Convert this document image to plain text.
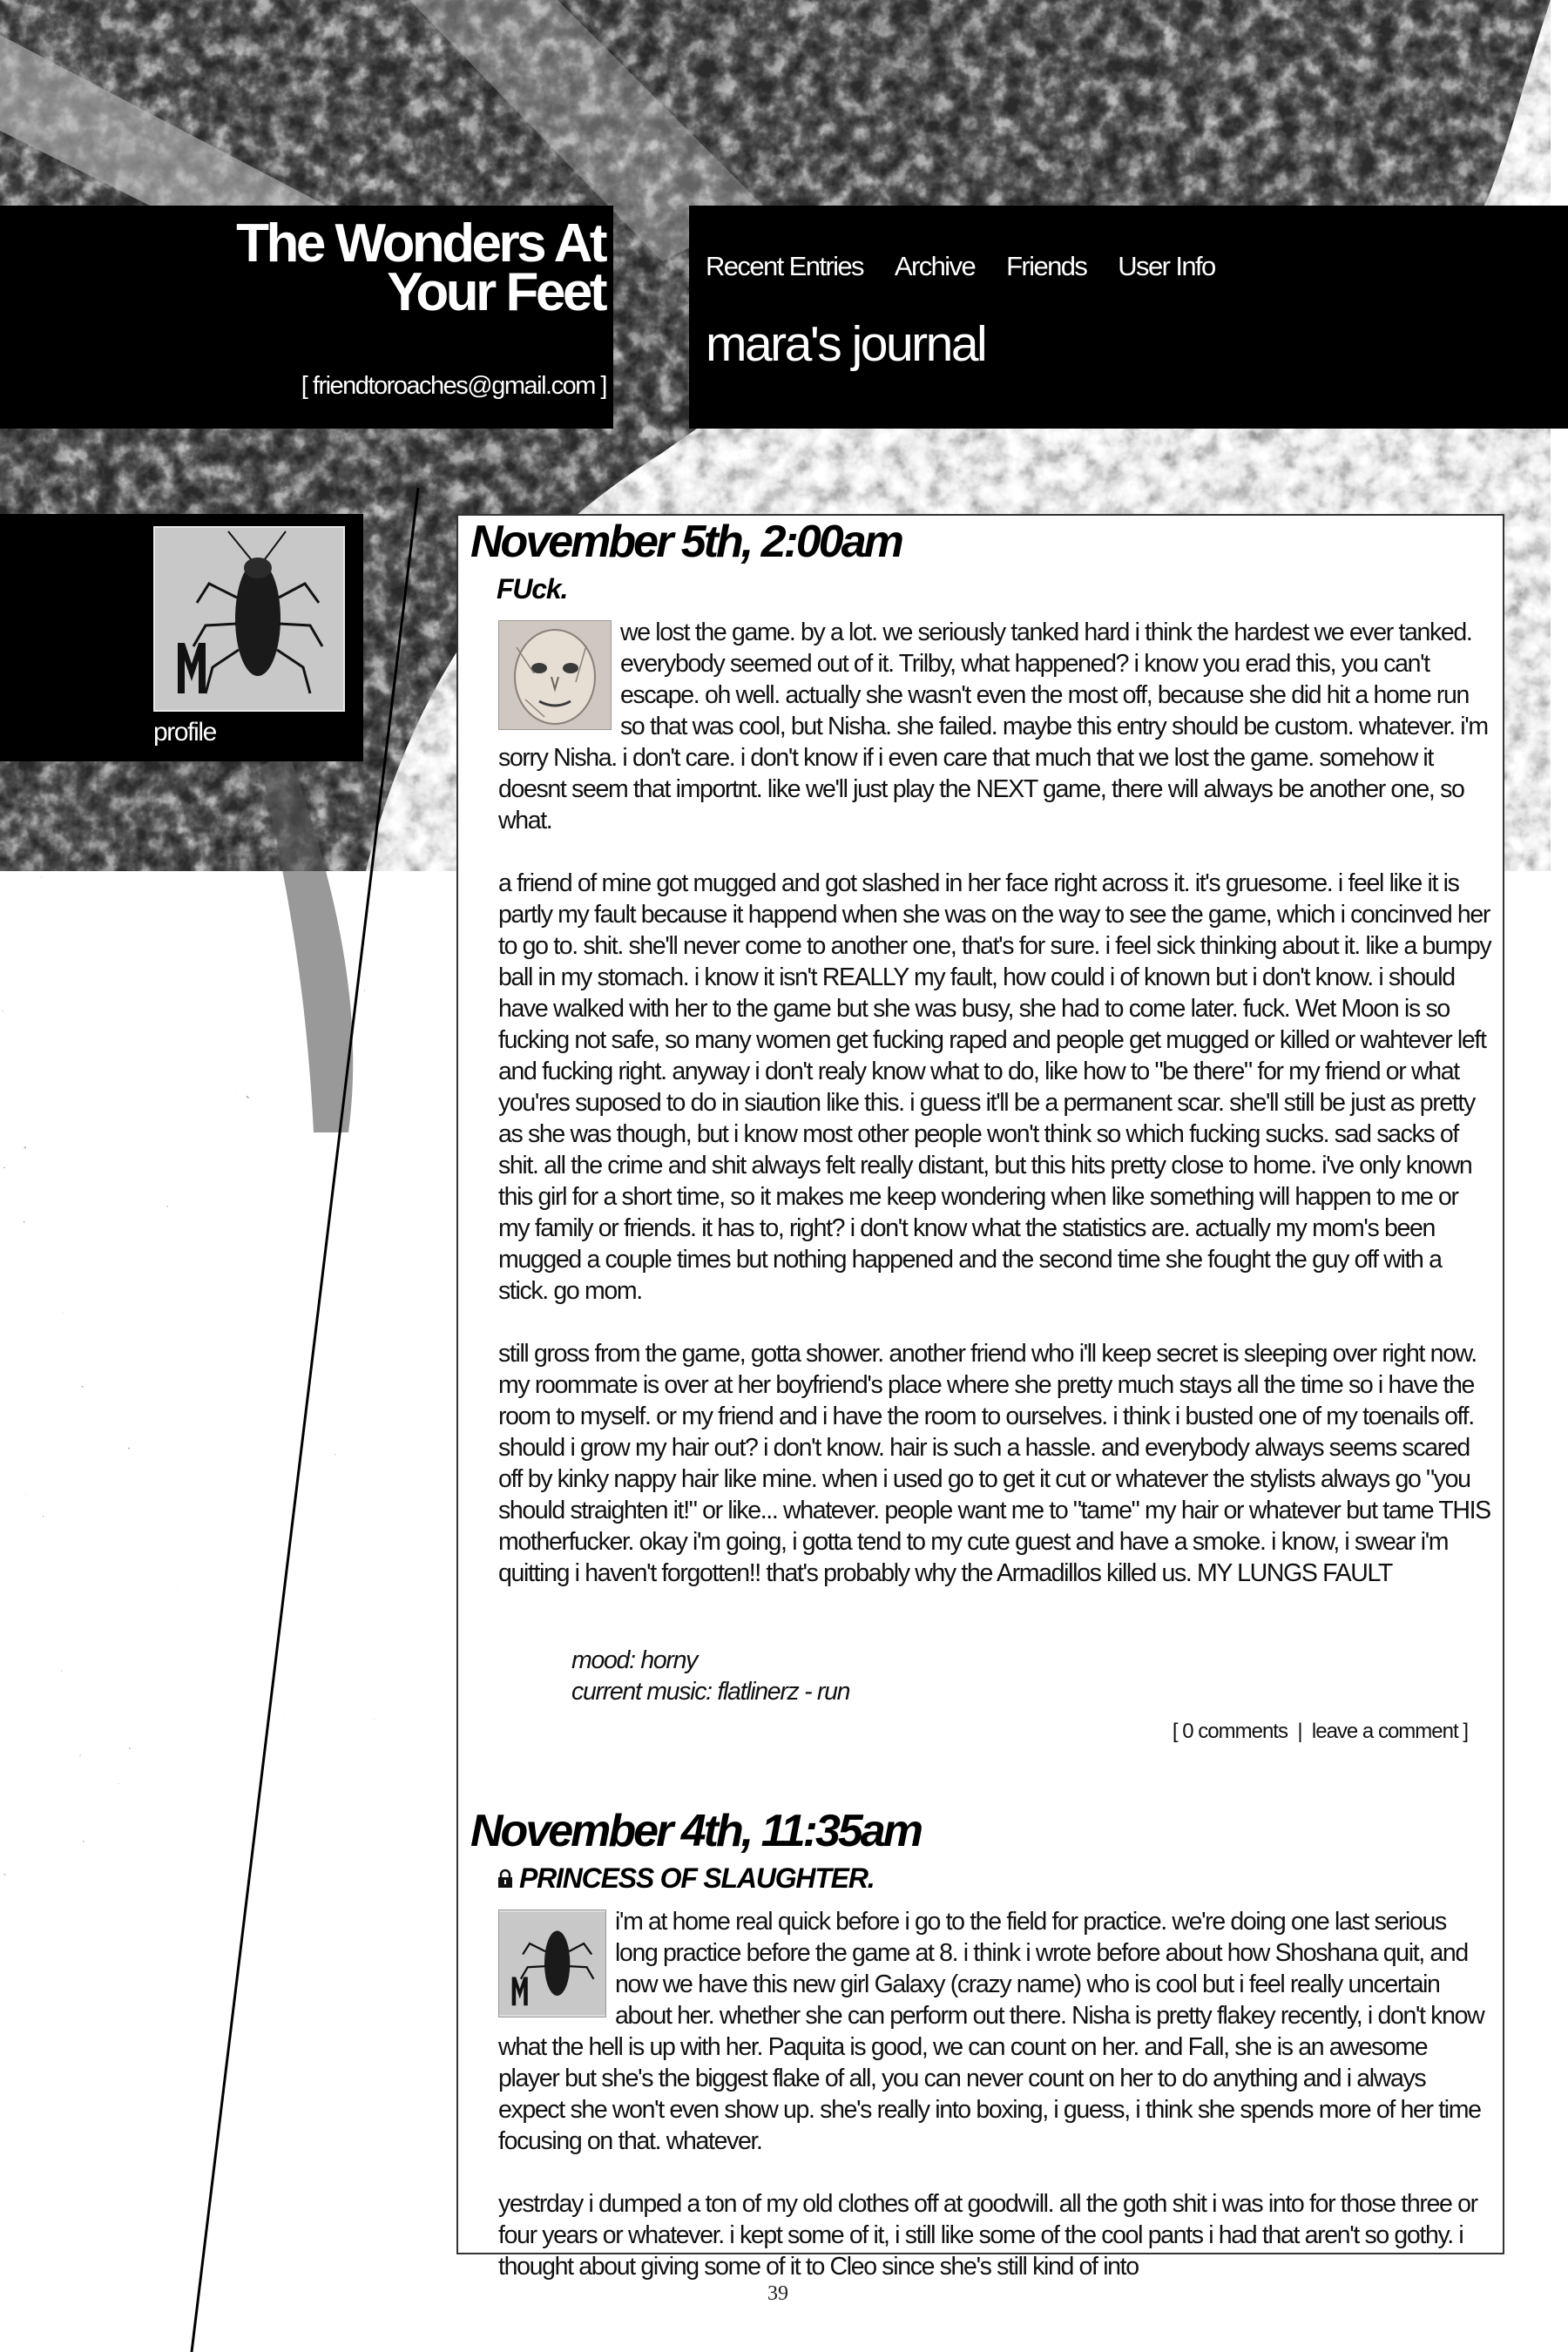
The Wonders At
Your Feet
[ friendtoroaches@gmail.com ]
Recent Entries Archive Friends User Info
mara's journal
profile
November 5th, 2:00am
FUck.

we lost the game. by a lot. we seriously tanked hard i think the hardest we ever tanked. everybody seemed out of it. Trilby, what happened? i know you erad this, you can't escape. oh well. actually she wasn't even the most off, because she did hit a home run so that was cool, but Nisha. she failed. maybe this entry should be custom. whatever. i'm sorry Nisha. i don't care. i don't know if i even care that much that we lost the game. somehow it doesnt seem that importnt. like we'll just play the NEXT game, there will always be another one, so what.

a friend of mine got mugged and got slashed in her face right across it. it's gruesome. i feel like it is partly my fault because it happend when she was on the way to see the game, which i concinved her to go to. shit. she'll never come to another one, that's for sure. i feel sick thinking about it. like a bumpy ball in my stomach. i know it isn't REALLY my fault, how could i of known but i don't know. i should have walked with her to the game but she was busy, she had to come later. fuck. Wet Moon is so fucking not safe, so many women get fucking raped and people get mugged or killed or wahtever left and fucking right. anyway i don't realy know what to do, like how to "be there" for my friend or what you'res suposed to do in siaution like this. i guess it'll be a permanent scar. she'll still be just as pretty as she was though, but i know most other people won't think so which fucking sucks. sad sacks of shit. all the crime and shit always felt really distant, but this hits pretty close to home. i've only known this girl for a short time, so it makes me keep wondering when like something will happen to me or my family or friends. it has to, right? i don't know what the statistics are. actually my mom's been mugged a couple times but nothing happened and the second time she fought the guy off with a stick. go mom.

still gross from the game, gotta shower. another friend who i'll keep secret is sleeping over right now. my roommate is over at her boyfriend's place where she pretty much stays all the time so i have the room to myself. or my friend and i have the room to ourselves. i think i busted one of my toenails off. should i grow my hair out? i don't know. hair is such a hassle. and everybody always seems scared off by kinky nappy hair like mine. when i used go to get it cut or whatever the stylists always go "you should straighten it!" or like... whatever. people want me to "tame" my hair or whatever but tame THIS motherfucker. okay i'm going, i gotta tend to my cute guest and have a smoke. i know, i swear i'm quitting i haven't forgotten!! that's probably why the Armadillos killed us. MY LUNGS FAULT

mood: horny
current music: flatlinerz - run
[ 0 comments  |  leave a comment ]
November 4th, 11:35am
PRINCESS OF SLAUGHTER.

i'm at home real quick before i go to the field for practice. we're doing one last serious long practice before the game at 8. i think i wrote before about how Shoshana quit, and now we have this new girl Galaxy (crazy name) who is cool but i feel really uncertain about her. whether she can perform out there. Nisha is pretty flakey recently, i don't know what the hell is up with her. Paquita is good, we can count on her. and Fall, she is an awesome player but she's the biggest flake of all, you can never count on her to do anything and i always expect she won't even show up. she's really into boxing, i guess, i think she spends more of her time focusing on that. whatever.

yestrday i dumped a ton of my old clothes off at goodwill. all the goth shit i was into for those three or four years or whatever. i kept some of it, i still like some of the cool pants i had that aren't so gothy. i thought about giving some of it to Cleo since she's still kind of into

39
